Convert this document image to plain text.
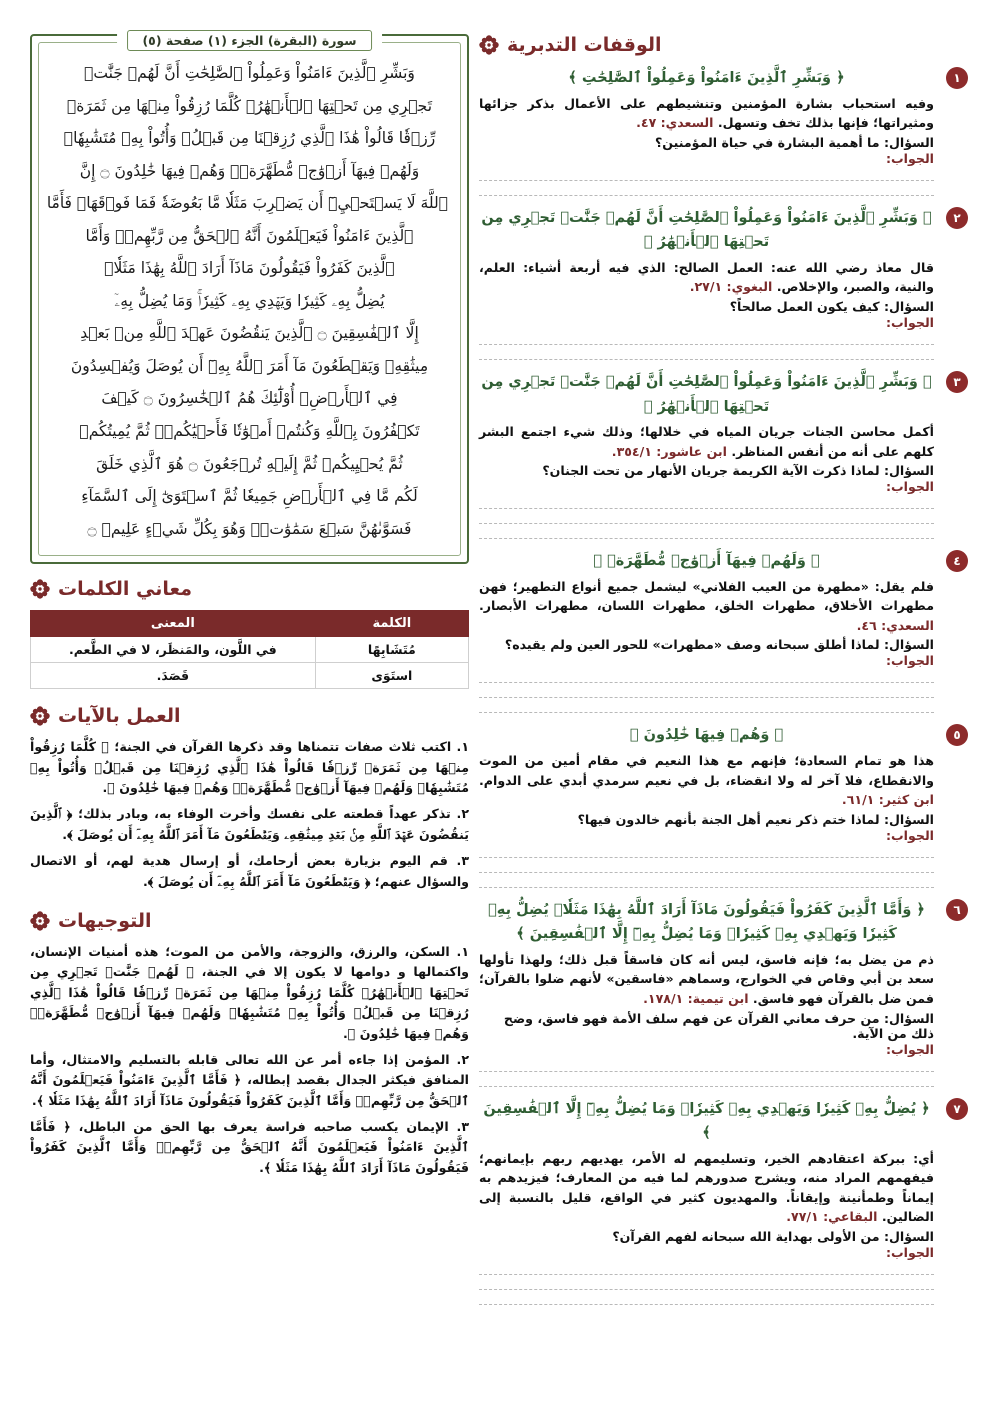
الوقفات التدبرية
١
﴿ وَبَشِّرِ ٱلَّذِينَ ءَامَنُواْ وَعَمِلُواْ ٱلصَّٰلِحَٰتِ ﴾
وفيه استحباب بشارة المؤمنين وتنشيطهم على الأعمال بذكر جزائها ومثيراتها؛ فإنها بذلك تخف وتسهل. السعدي: ٤٧.
السؤال: ما أهمية البشارة في حياة المؤمنين؟
الجواب:
٢
﴿ وَبَشِّرِ ٱلَّذِينَ ءَامَنُواْ وَعَمِلُواْ ٱلصَّٰلِحَٰتِ أَنَّ لَهُمۡ جَنَّٰتٖ تَجۡرِي مِن تَحۡتِهَا ٱلۡأَنۡهَٰرُ ﴾
قال معاذ رضي الله عنه: العمل الصالح: الذي فيه أربعة أشياء: العلم، والنية، والصبر، والإخلاص. البغوي: ٢٧/١.
السؤال: كيف يكون العمل صالحاً؟
الجواب:
٣
﴿ وَبَشِّرِ ٱلَّذِينَ ءَامَنُواْ وَعَمِلُواْ ٱلصَّٰلِحَٰتِ أَنَّ لَهُمۡ جَنَّٰتٖ تَجۡرِي مِن تَحۡتِهَا ٱلۡأَنۡهَٰرُ ﴾
أكمل محاسن الجنات جريان المياه في خلالها؛ وذلك شيء اجتمع البشر كلهم على أنه من أنفس المناظر. ابن عاشور: ٣٥٤/١.
السؤال: لماذا ذكرت الآية الكريمة جريان الأنهار من تحت الجنان؟
الجواب:
٤
﴿ وَلَهُمۡ فِيهَآ أَزۡوَٰجٞ مُّطَهَّرَةٞ ﴾
فلم يقل: «مطهرة من العيب الفلاني» ليشمل جميع أنواع التطهير؛ فهن مطهرات الأخلاق، مطهرات الخلق، مطهرات اللسان، مطهرات الأبصار. السعدي: ٤٦.
السؤال: لماذا أطلق سبحانه وصف «مطهرات» للحور العين ولم يقيده؟
الجواب:
٥
﴿ وَهُمۡ فِيهَا خَٰلِدُونَ ﴾
هذا هو تمام السعادة؛ فإنهم مع هذا النعيم في مقام أمين من الموت والانقطاع، فلا آخر له ولا انقضاء، بل في نعيم سرمدي أبدي على الدوام. ابن كثير: ٦١/١.
السؤال: لماذا ختم ذكر نعيم أهل الجنة بأنهم خالدون فيها؟
الجواب:
٦
﴿ وَأَمَّا ٱلَّذِينَ كَفَرُواْ فَيَقُولُونَ مَاذَآ أَرَادَ ٱللَّهُ بِهَٰذَا مَثَلٗاۘ يُضِلُّ بِهِۦ كَثِيرٗا وَيَهۡدِي بِهِۦ كَثِيرٗاۚ وَمَا يُضِلُّ بِهِۦٓ إِلَّا ٱلۡفَٰسِقِينَ ﴾
ذم من يضل به؛ فإنه فاسق، ليس أنه كان فاسقاً قبل ذلك؛ ولهذا تأولها سعد بن أبي وقاص في الخوارج، وسماهم «فاسقين» لأنهم ضلوا بالقرآن؛ فمن ضل بالقرآن فهو فاسق. ابن تيمية: ١٧٨/١.
السؤال: من حرف معاني القرآن عن فهم سلف الأمة فهو فاسق، وضح ذلك من الآية.
الجواب:
٧
﴿ يُضِلُّ بِهِۦ كَثِيرٗا وَيَهۡدِي بِهِۦ كَثِيرٗاۚ وَمَا يُضِلُّ بِهِۦٓ إِلَّا ٱلۡفَٰسِقِينَ ﴾
أي: ببركة اعتقادهم الخير، وتسليمهم له الأمر، يهديهم ربهم بإيمانهم؛ فيفهمهم المراد منه، ويشرح صدورهم لما فيه من المعارف؛ فيزيدهم به إيماناً وطمأنينة وإيقاناً. والمهديون كثير في الواقع، قليل بالنسبة إلى الضالين. البقاعي: ٧٧/١.
السؤال: من الأولى بهداية الله سبحانه لفهم القرآن؟
الجواب:
سورة (البقرة) الجزء (١) صفحة (٥)
وَبَشِّرِ ٱلَّذِينَ ءَامَنُواْ وَعَمِلُواْ ٱلصَّٰلِحَٰتِ أَنَّ لَهُمۡ جَنَّٰتٖ
تَجۡرِي مِن تَحۡتِهَا ٱلۡأَنۡهَٰرُۖ كُلَّمَا رُزِقُواْ مِنۡهَا مِن ثَمَرَةٖ
رِّزۡقٗا قَالُواْ هَٰذَا ٱلَّذِي رُزِقۡنَا مِن قَبۡلُۖ وَأُتُواْ بِهِۦ مُتَشَٰبِهٗاۖ
وَلَهُمۡ فِيهَآ أَزۡوَٰجٞ مُّطَهَّرَةٞۖ وَهُمۡ فِيهَا خَٰلِدُونَ ۝ إِنَّ
ٱللَّهَ لَا يَسۡتَحۡيِۦٓ أَن يَضۡرِبَ مَثَلٗا مَّا بَعُوضَةٗ فَمَا فَوۡقَهَاۚ فَأَمَّا
ٱلَّذِينَ ءَامَنُواْ فَيَعۡلَمُونَ أَنَّهُ ٱلۡحَقُّ مِن رَّبِّهِمۡۖ وَأَمَّا
ٱلَّذِينَ كَفَرُواْ فَيَقُولُونَ مَاذَآ أَرَادَ ٱللَّهُ بِهَٰذَا مَثَلٗاۘ
يُضِلُّ بِهِۦ كَثِيرٗا وَيَهۡدِي بِهِۦ كَثِيرٗاۚ وَمَا يُضِلُّ بِهِۦٓ
إِلَّا ٱلۡفَٰسِقِينَ ۝ ٱلَّذِينَ يَنقُضُونَ عَهۡدَ ٱللَّهِ مِنۢ بَعۡدِ
مِيثَٰقِهِۦ وَيَقۡطَعُونَ مَآ أَمَرَ ٱللَّهُ بِهِۦٓ أَن يُوصَلَ وَيُفۡسِدُونَ
فِي ٱلۡأَرۡضِۚ أُوْلَٰٓئِكَ هُمُ ٱلۡخَٰسِرُونَ ۝ كَيۡفَ
تَكۡفُرُونَ بِٱللَّهِ وَكُنتُمۡ أَمۡوَٰتٗا فَأَحۡيَٰكُمۡۖ ثُمَّ يُمِيتُكُمۡ
ثُمَّ يُحۡيِيكُمۡ ثُمَّ إِلَيۡهِ تُرۡجَعُونَ ۝ هُوَ ٱلَّذِي خَلَقَ
لَكُم مَّا فِي ٱلۡأَرۡضِ جَمِيعٗا ثُمَّ ٱسۡتَوَىٰٓ إِلَى ٱلسَّمَآءِ
فَسَوَّىٰهُنَّ سَبۡعَ سَمَٰوَٰتٖۚ وَهُوَ بِكُلِّ شَيۡءٍ عَلِيمٞ ۝
معاني الكلمات
الكلمة	المعنى
مُتَشَابِهًا	في اللَّون، والمَنظَر، لا في الطَّعم.
استَوَى	قَصَدَ.
العمل بالآيات
١. اكتب ثلاث صفات تتمناها وقد ذكرها القرآن في الجنة؛ ﴿ كُلَّمَا رُزِقُواْ مِنۡهَا مِن ثَمَرَةٖ رِّزۡقٗا قَالُواْ هَٰذَا ٱلَّذِي رُزِقۡنَا مِن قَبۡلُۖ وَأُتُواْ بِهِۦ مُتَشَٰبِهٗاۖ وَلَهُمۡ فِيهَآ أَزۡوَٰجٞ مُّطَهَّرَةٞۖ وَهُمۡ فِيهَا خَٰلِدُونَ ﴾.
٢. تذكر عهداً قطعته على نفسك وأخرت الوفاء به، وبادر بذلك؛ ﴿ ٱلَّذِينَ يَنقُضُونَ عَهۡدَ ٱللَّهِ مِنۢ بَعۡدِ مِيثَٰقِهِۦ وَيَقۡطَعُونَ مَآ أَمَرَ ٱللَّهُ بِهِۦٓ أَن يُوصَلَ ﴾.
٣. قم اليوم بزيارة بعض أرحامك، أو إرسال هدية لهم، أو الاتصال والسؤال عنهم؛ ﴿ وَيَقۡطَعُونَ مَآ أَمَرَ ٱللَّهُ بِهِۦٓ أَن يُوصَلَ ﴾.
التوجيهات
١. السكن، والرزق، والزوجة، والأمن من الموت؛ هذه أمنيات الإنسان، واكتمالها و دوامها لا يكون إلا في الجنة، ﴿ لَهُمۡ جَنَّٰتٖ تَجۡرِي مِن تَحۡتِهَا ٱلۡأَنۡهَٰرُۖ كُلَّمَا رُزِقُواْ مِنۡهَا مِن ثَمَرَةٖ رِّزۡقٗا قَالُواْ هَٰذَا ٱلَّذِي رُزِقۡنَا مِن قَبۡلُۖ وَأُتُواْ بِهِۦ مُتَشَٰبِهٗاۖ وَلَهُمۡ فِيهَآ أَزۡوَٰجٞ مُّطَهَّرَةٞۖ وَهُمۡ فِيهَا خَٰلِدُونَ ﴾.
٢. المؤمن إذا جاءه أمر عن الله تعالى قابله بالتسليم والامتثال، وأما المنافق فيكثر الجدال بقصد إبطاله، ﴿ فَأَمَّا ٱلَّذِينَ ءَامَنُواْ فَيَعۡلَمُونَ أَنَّهُ ٱلۡحَقُّ مِن رَّبِّهِمۡۖ وَأَمَّا ٱلَّذِينَ كَفَرُواْ فَيَقُولُونَ مَاذَآ أَرَادَ ٱللَّهُ بِهَٰذَا مَثَلٗا ﴾.
٣. الإيمان يكسب صاحبه فراسة يعرف بها الحق من الباطل، ﴿ فَأَمَّا ٱلَّذِينَ ءَامَنُواْ فَيَعۡلَمُونَ أَنَّهُ ٱلۡحَقُّ مِن رَّبِّهِمۡۖ وَأَمَّا ٱلَّذِينَ كَفَرُواْ فَيَقُولُونَ مَاذَآ أَرَادَ ٱللَّهُ بِهَٰذَا مَثَلٗا ﴾.
